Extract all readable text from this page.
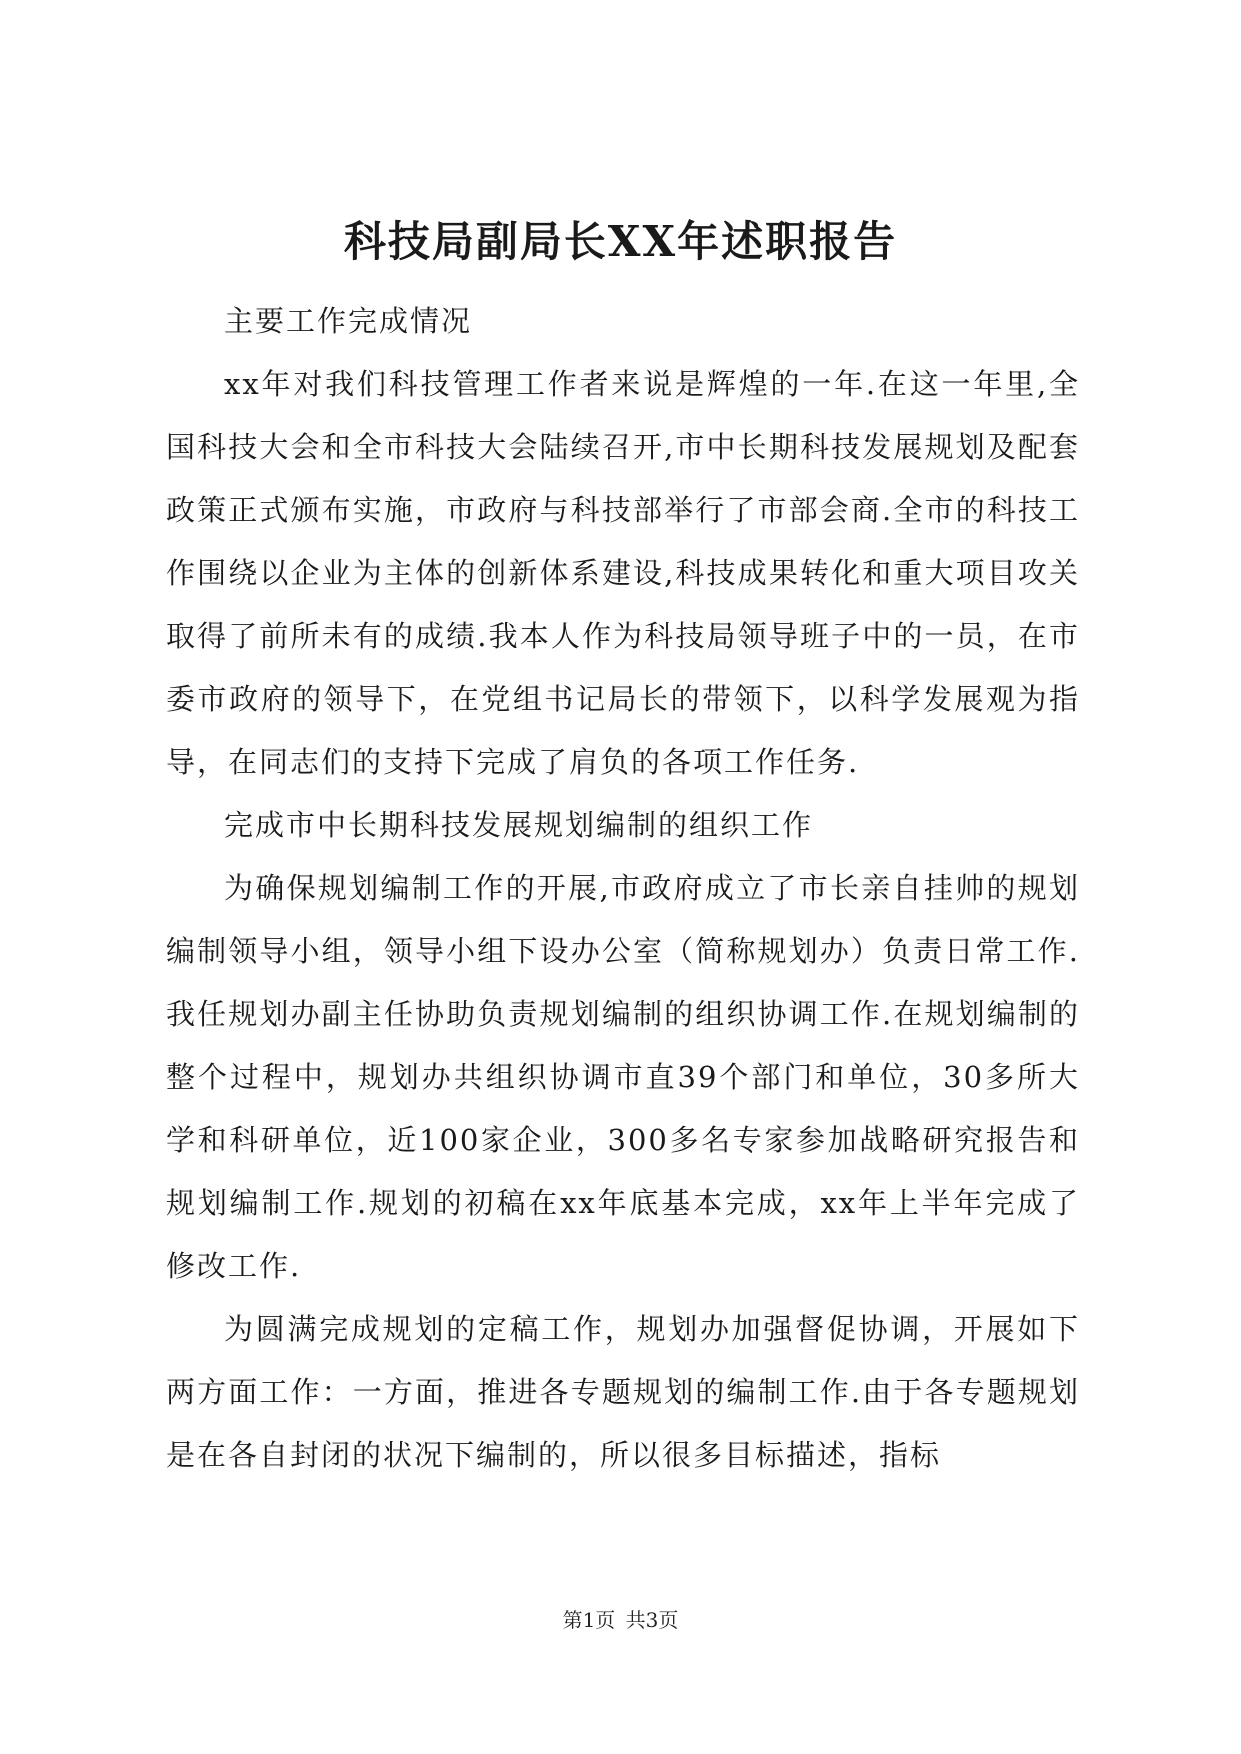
科技局副局长XX年述职报告

主要工作完成情况

xx年对我们科技管理工作者来说是辉煌的一年.在这一年里,全国科技大会和全市科技大会陆续召开,市中长期科技发展规划及配套政策正式颁布实施，市政府与科技部举行了市部会商.全市的科技工作围绕以企业为主体的创新体系建设,科技成果转化和重大项目攻关取得了前所未有的成绩.我本人作为科技局领导班子中的一员，在市委市政府的领导下，在党组书记局长的带领下，以科学发展观为指导，在同志们的支持下完成了肩负的各项工作任务.

完成市中长期科技发展规划编制的组织工作

为确保规划编制工作的开展,市政府成立了市长亲自挂帅的规划编制领导小组，领导小组下设办公室（简称规划办）负责日常工作.我任规划办副主任协助负责规划编制的组织协调工作.在规划编制的整个过程中，规划办共组织协调市直39个部门和单位，30多所大学和科研单位，近100家企业，300多名专家参加战略研究报告和规划编制工作.规划的初稿在xx年底基本完成，xx年上半年完成了修改工作.

为圆满完成规划的定稿工作，规划办加强督促协调，开展如下两方面工作：一方面，推进各专题规划的编制工作.由于各专题规划是在各自封闭的状况下编制的，所以很多目标描述，指标

第1页 共3页
